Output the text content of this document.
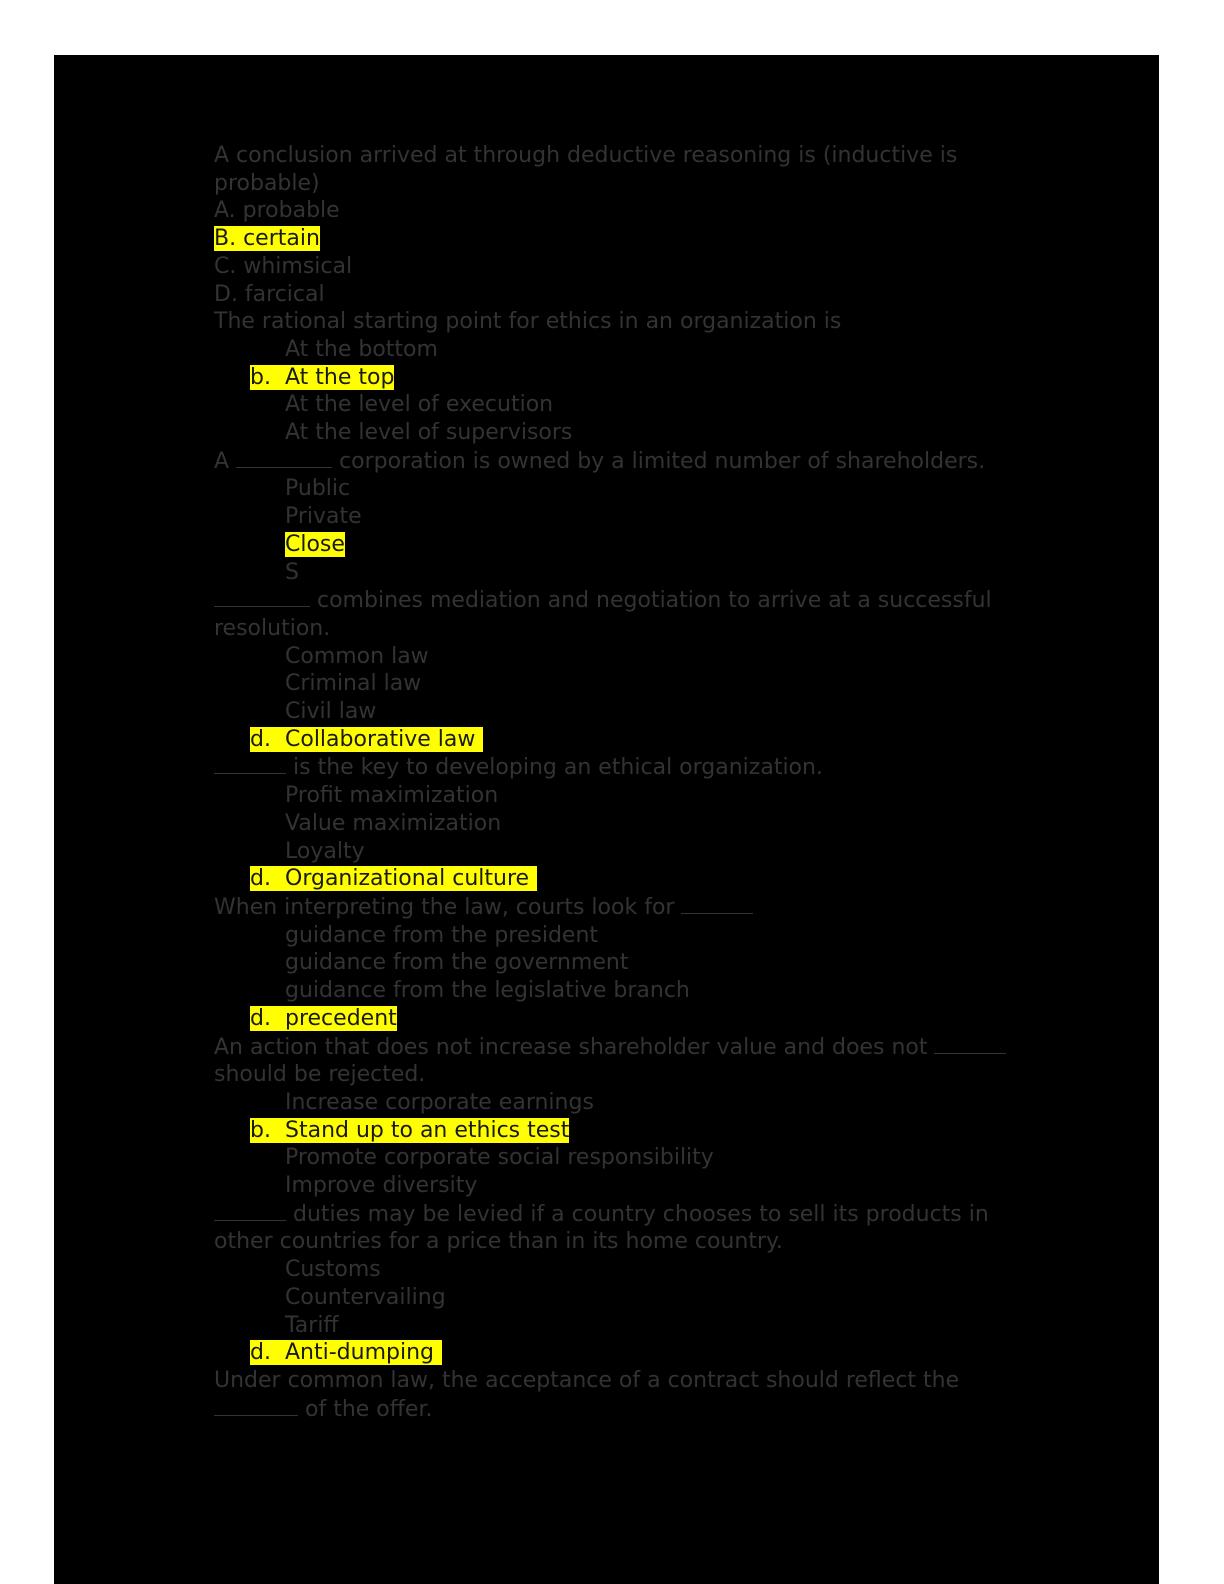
A conclusion arrived at through deductive reasoning is (inductive is
probable)
A. probable
B. certain
C. whimsical
D. farcical
The rational starting point for ethics in an organization is
At the bottom
b. At the top
At the level of execution
At the level of supervisors
A	corporation is owned by a limited number of shareholders.
Public
Private
Close
S
combines mediation and negotiation to arrive at a successful
resolution.
Common law
Criminal law
Civil law
d. Collaborative law
is the key to developing an ethical organization.
Profit maximization
Value maximization
Loyalty
d. Organizational culture
When interpreting the law, courts look for
guidance from the president
guidance from the government
guidance from the legislative branch
d. precedent
An action that does not increase shareholder value and does not
should be rejected.
Increase corporate earnings
b. Stand up to an ethics test
Promote corporate social responsibility
Improve diversity
duties may be levied if a country chooses to sell its products in
other countries for a price than in its home country.
Customs
Countervailing
Tariff
d. Anti-dumping
Under common law, the acceptance of a contract should reflect the
of the offer.
